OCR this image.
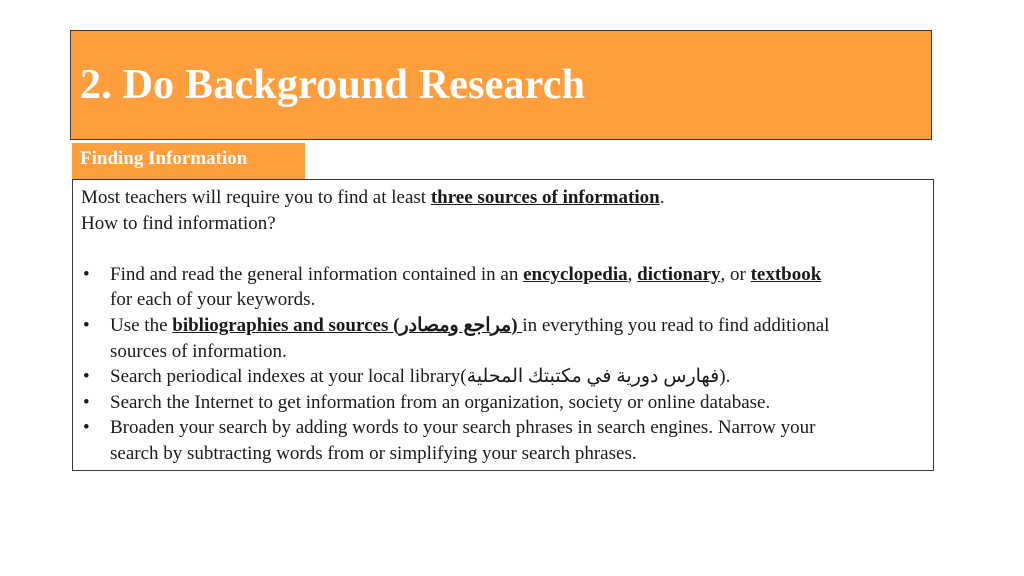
2. Do Background Research
Finding Information

Most teachers will require you to find at least three sources of information.

How to find information?

• Find and read the general information contained in an encyclopedia, dictionary, or textbook
for each of your keywords.
• Use the bibliographies and sources (مراجع ومصادر) in everything you read to find additional
sources of information.
• Search periodical indexes at your local library(فهارس دورية في مكتبتك المحلية).
• Search the Internet to get information from an organization, society or online database.
• Broaden your search by adding words to your search phrases in search engines. Narrow your
search by subtracting words from or simplifying your search phrases.
